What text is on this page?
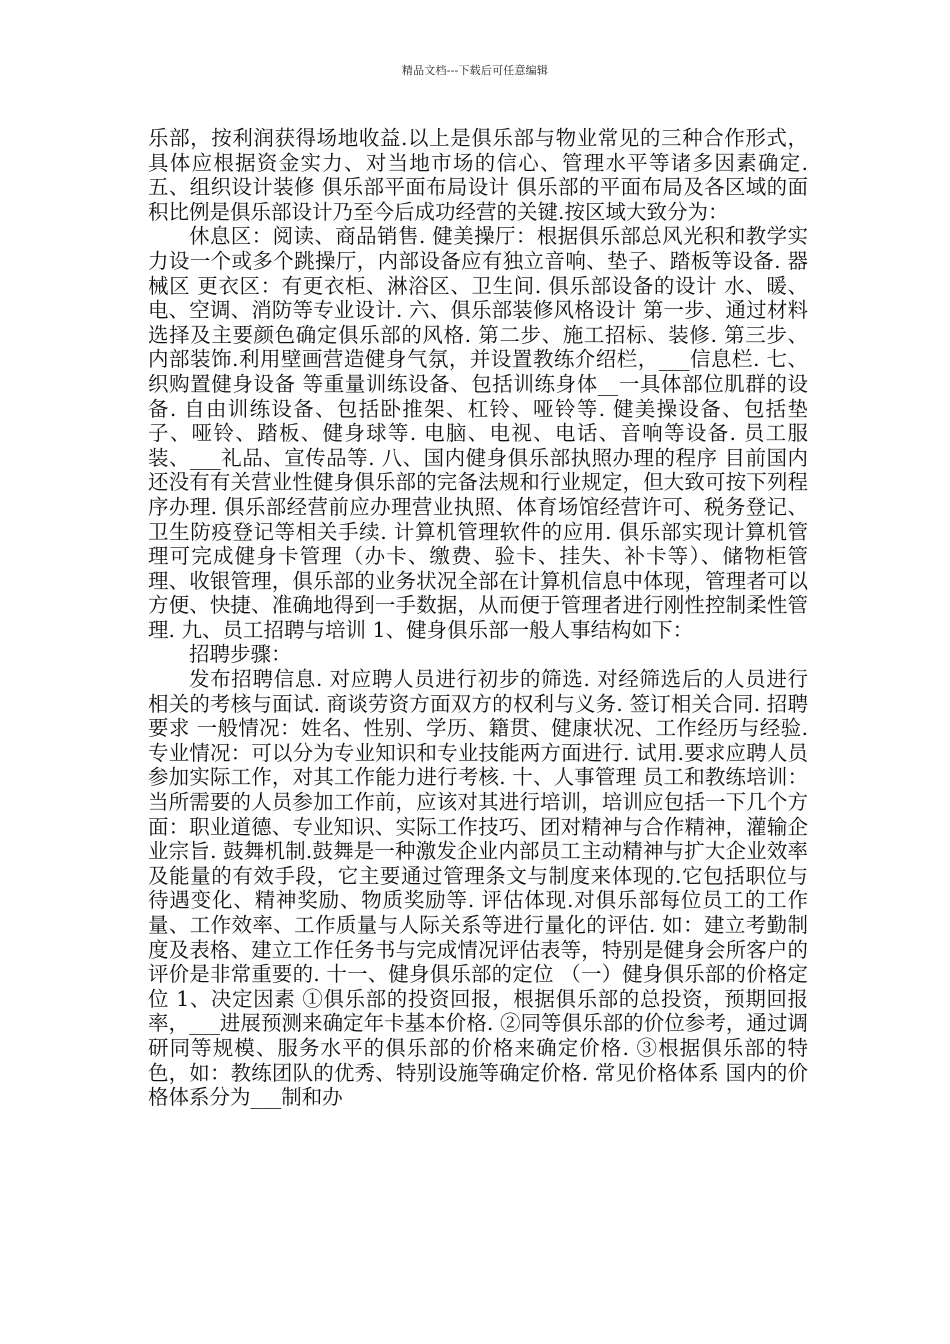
精品文档---下载后可任意编辑

乐部，按利润获得场地收益.以上是俱乐部与物业常见的三种合作形式，具体应根据资金实力、对当地市场的信心、管理水平等诸多因素确定. 五、组织设计装修 俱乐部平面布局设计 俱乐部的平面布局及各区域的面积比例是俱乐部设计乃至今后成功经营的关键.按区域大致分为：

休息区：阅读、商品销售. 健美操厅：根据俱乐部总风光积和教学实力设一个或多个跳操厅，内部设备应有独立音响、垫子、踏板等设备. 器械区 更衣区：有更衣柜、淋浴区、卫生间. 俱乐部设备的设计 水、暖、电、空调、消防等专业设计. 六、俱乐部装修风格设计 第一步、通过材料选择及主要颜色确定俱乐部的风格. 第二步、施工招标、装修. 第三步、内部装饰.利用壁画营造健身气氛，并设置教练介绍栏，___信息栏. 七、织购置健身设备 等重量训练设备、包括训练身体__一具体部位肌群的设备. 自由训练设备、包括卧推架、杠铃、哑铃等. 健美操设备、包括垫子、哑铃、踏板、健身球等. 电脑、电视、电话、音响等设备. 员工服装、___礼品、宣传品等. 八、国内健身俱乐部执照办理的程序 目前国内还没有有关营业性健身俱乐部的完备法规和行业规定，但大致可按下列程序办理. 俱乐部经营前应办理营业执照、体育场馆经营许可、税务登记、卫生防疫登记等相关手续. 计算机管理软件的应用. 俱乐部实现计算机管理可完成健身卡管理（办卡、缴费、验卡、挂失、补卡等）、储物柜管理、收银管理，俱乐部的业务状况全部在计算机信息中体现，管理者可以方便、快捷、准确地得到一手数据，从而便于管理者进行刚性控制柔性管理. 九、员工招聘与培训 1、健身俱乐部一般人事结构如下：

招聘步骤：

发布招聘信息. 对应聘人员进行初步的筛选. 对经筛选后的人员进行相关的考核与面试. 商谈劳资方面双方的权利与义务. 签订相关合同. 招聘要求 一般情况：姓名、性别、学历、籍贯、健康状况、工作经历与经验. 专业情况：可以分为专业知识和专业技能两方面进行. 试用.要求应聘人员参加实际工作，对其工作能力进行考核. 十、人事管理 员工和教练培训：当所需要的人员参加工作前，应该对其进行培训，培训应包括一下几个方面：职业道德、专业知识、实际工作技巧、团对精神与合作精神，灌输企业宗旨. 鼓舞机制.鼓舞是一种激发企业内部员工主动精神与扩大企业效率及能量的有效手段，它主要通过管理条文与制度来体现的.它包括职位与待遇变化、精神奖励、物质奖励等. 评估体现.对俱乐部每位员工的工作量、工作效率、工作质量与人际关系等进行量化的评估. 如：建立考勤制度及表格、建立工作任务书与完成情况评估表等，特别是健身会所客户的评价是非常重要的. 十一、健身俱乐部的定位 （一）健身俱乐部的价格定位 1、决定因素 ①俱乐部的投资回报，根据俱乐部的总投资，预期回报率，___进展预测来确定年卡基本价格. ②同等俱乐部的价位参考，通过调研同等规模、服务水平的俱乐部的价格来确定价格. ③根据俱乐部的特色，如：教练团队的优秀、特别设施等确定价格. 常见价格体系 国内的价格体系分为___制和办
